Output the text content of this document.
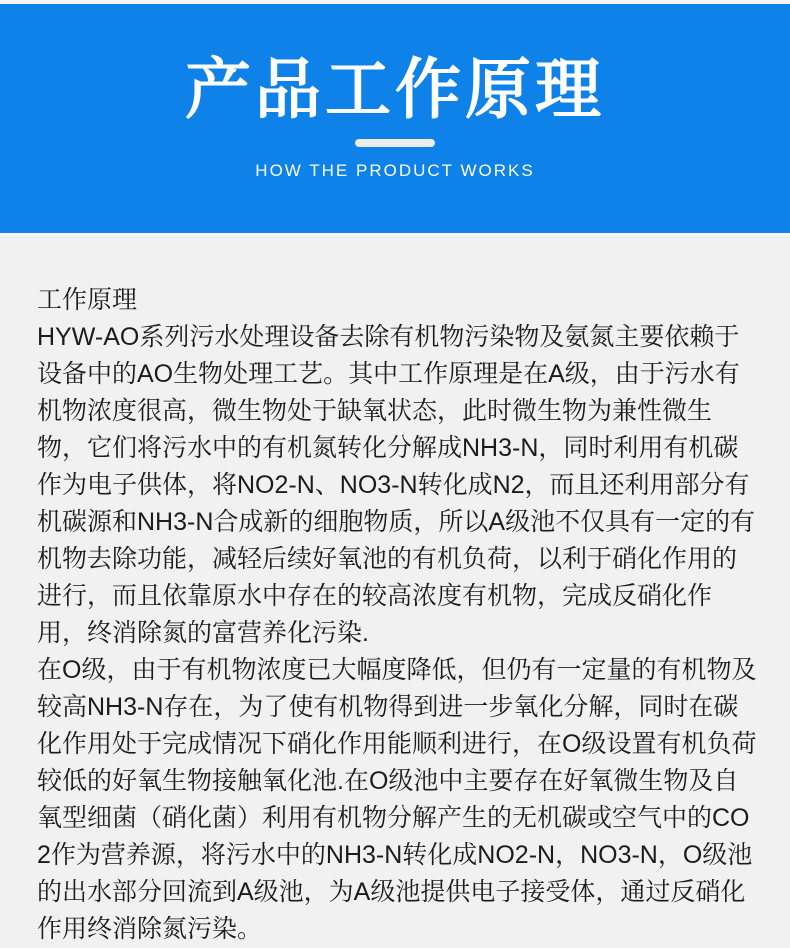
产品工作原理
HOW THE PRODUCT WORKS

工作原理

HYW-AO系列污水处理设备去除有机物污染物及氨氮主要依赖于设备中的AO生物处理工艺。其中工作原理是在A级，由于污水有机物浓度很高，微生物处于缺氧状态，此时微生物为兼性微生物，它们将污水中的有机氮转化分解成NH3-N，同时利用有机碳作为电子供体，将NO2-N、NO3-N转化成N2，而且还利用部分有机碳源和NH3-N合成新的细胞物质，所以A级池不仅具有一定的有机物去除功能，减轻后续好氧池的有机负荷，以利于硝化作用的进行，而且依靠原水中存在的较高浓度有机物，完成反硝化作用，终消除氮的富营养化污染.

在O级，由于有机物浓度已大幅度降低，但仍有一定量的有机物及较高NH3-N存在，为了使有机物得到进一步氧化分解，同时在碳化作用处于完成情况下硝化作用能顺利进行，在O级设置有机负荷较低的好氧生物接触氧化池.在O级池中主要存在好氧微生物及自氧型细菌（硝化菌）利用有机物分解产生的无机碳或空气中的CO2作为营养源，将污水中的NH3-N转化成NO2-N，NO3-N，O级池的出水部分回流到A级池，为A级池提供电子接受体，通过反硝化作用终消除氮污染。
